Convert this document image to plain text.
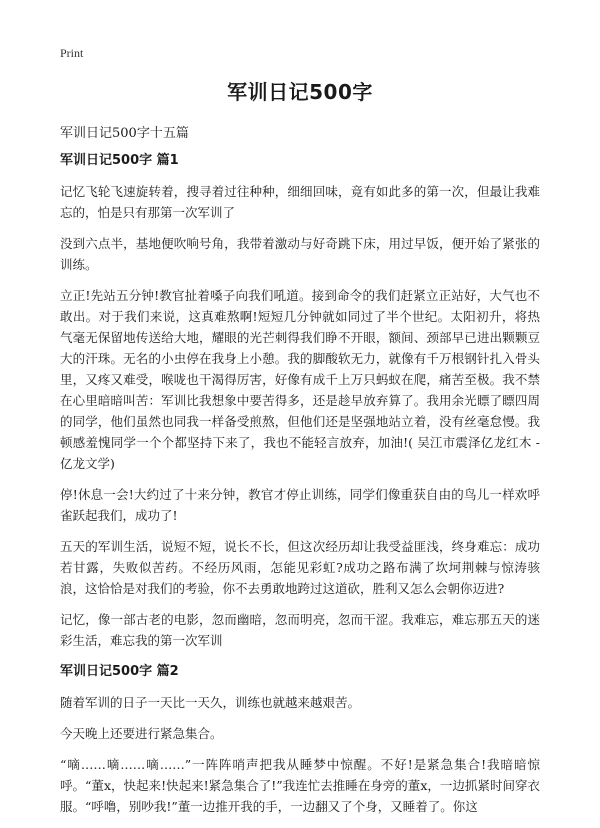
Print
军训日记500字
军训日记500字十五篇
军训日记500字 篇1

记忆飞轮飞速旋转着，搜寻着过往种种，细细回味，竟有如此多的第一次，但最让我难忘的，怕是只有那第一次军训了

没到六点半，基地便吹响号角，我带着激动与好奇跳下床，用过早饭，便开始了紧张的训练。

立正!先站五分钟!教官扯着嗓子向我们吼道。接到命令的我们赶紧立正站好，大气也不敢出。对于我们来说，这真难熬啊!短短几分钟就如同过了半个世纪。太阳初升，将热气毫无保留地传送给大地，耀眼的光芒刺得我们睁不开眼，额间、颈部早已进出颗颗豆大的汗珠。无名的小虫停在我身上小憩。我的脚酸软无力，就像有千万根钢针扎入骨头里，又疼又难受，喉咙也干渴得厉害，好像有成千上万只蚂蚁在爬，痛苦至极。我不禁在心里暗暗叫苦：军训比我想象中要苦得多，还是趁早放弃算了。我用余光瞟了瞟四周的同学，他们虽然也同我一样备受煎熬，但他们还是坚强地站立着，没有丝毫怠慢。我顿感羞愧同学一个个都坚持下来了，我也不能轻言放弃，加油!( 吴江市震泽亿龙红木 - 亿龙文学)

停!休息一会!大约过了十来分钟，教官才停止训练，同学们像重获自由的鸟儿一样欢呼雀跃起我们，成功了!

五天的军训生活，说短不短，说长不长，但这次经历却让我受益匪浅，终身难忘：成功若甘露，失败似苦药。不经历风雨，怎能见彩虹?成功之路布满了坎坷荆棘与惊涛骇浪，这恰恰是对我们的考验，你不去勇敢地跨过这道砍，胜利又怎么会朝你迈进?

记忆，像一部古老的电影，忽而幽暗，忽而明亮，忽而干涩。我难忘，难忘那五天的迷彩生活，难忘我的第一次军训

军训日记500字 篇2

随着军训的日子一天比一天久，训练也就越来越艰苦。

今天晚上还要进行紧急集合。

“嘀……嘀……嘀……”一阵阵哨声把我从睡梦中惊醒。不好!是紧急集合!我暗暗惊呼。“董x，快起来!快起来!紧急集合了!”我连忙去推睡在身旁的董x，一边抓紧时间穿衣服。“呼噜，别吵我!”董一边推开我的手，一边翻又了个身，又睡着了。你这
